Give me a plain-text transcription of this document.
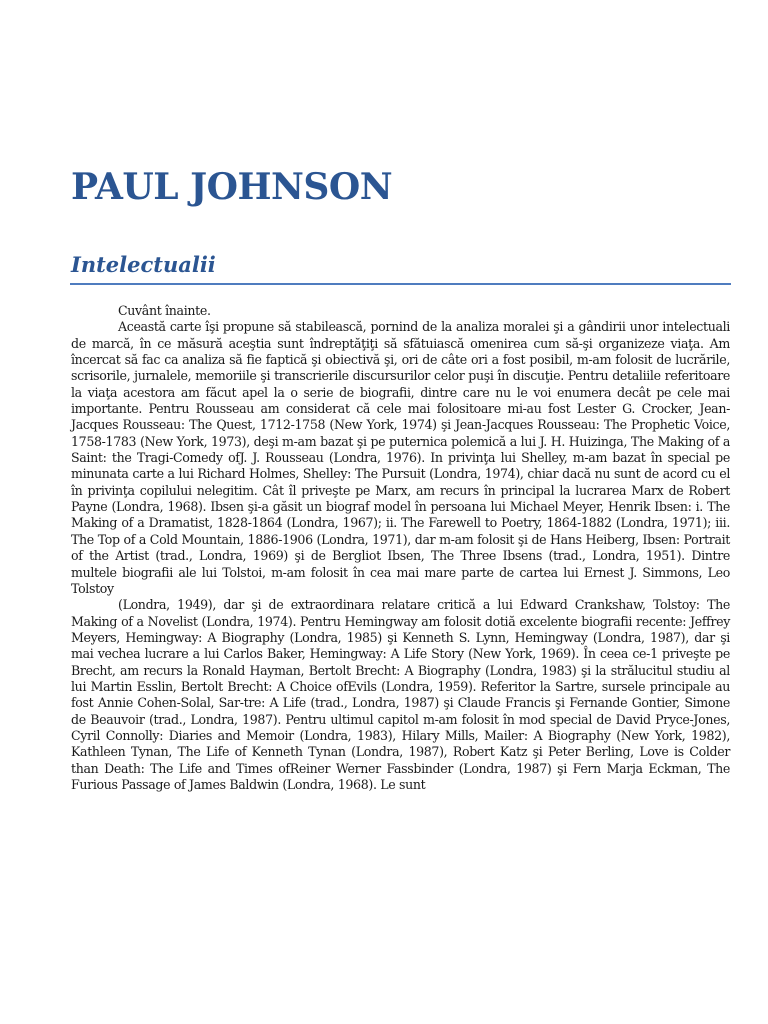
PAUL JOHNSON
Intelectualii

Cuvânt înainte.

Această carte îşi propune să stabilească, pornind de la analiza moralei şi a gândirii unor intelectuali de marcă, în ce măsură aceştia sunt îndreptăţiţi să sfătuiască omenirea cum să-şi organizeze viaţa. Am încercat să fac ca analiza să fie faptică şi obiectivă şi, ori de câte ori a fost posibil, m-am folosit de lucrările, scrisorile, jurnalele, memoriile şi transcrierile discursurilor celor puşi în discuţie. Pentru detaliile referitoare la viaţa acestora am făcut apel la o serie de biografii, dintre care nu le voi enumera decât pe cele mai importante. Pentru Rousseau am considerat că cele mai folositoare mi-au fost Lester G. Crocker, Jean-Jacques Rousseau: The Quest, 1712-1758 (New York, 1974) şi Jean-Jacques Rousseau: The Prophetic Voice, 1758-1783 (New York, 1973), deşi m-am bazat şi pe puternica polemică a lui J. H. Huizinga, The Making of a Saint: the Tragi-Comedy ofJ. J. Rousseau (Londra, 1976). In privinţa lui Shelley, m-am bazat în special pe minunata carte a lui Richard Holmes, Shelley: The Pursuit (Londra, 1974), chiar dacă nu sunt de acord cu el în privinţa copilului nelegitim. Cât îl priveşte pe Marx, am recurs în principal la lucrarea Marx de Robert Payne (Londra, 1968). Ibsen şi-a găsit un biograf model în persoana lui Michael Meyer, Henrik Ibsen: i. The Making of a Dramatist, 1828-1864 (Londra, 1967); ii. The Farewell to Poetry, 1864-1882 (Londra, 1971); iii. The Top of a Cold Mountain, 1886-1906 (Londra, 1971), dar m-am folosit şi de Hans Heiberg, Ibsen: Portrait of the Artist (trad., Londra, 1969) şi de Bergliot Ibsen, The Three Ibsens (trad., Londra, 1951). Dintre multele biografii ale lui Tolstoi, m-am folosit în cea mai mare parte de cartea lui Ernest J. Simmons, Leo Tolstoy

(Londra, 1949), dar şi de extraordinara relatare critică a lui Edward Crankshaw, Tolstoy: The Making of a Novelist (Londra, 1974). Pentru Hemingway am folosit dotiă excelente biografii recente: Jeffrey Meyers, Hemingway: A Biography (Londra, 1985) şi Kenneth S. Lynn, Hemingway (Londra, 1987), dar şi mai vechea lucrare a lui Carlos Baker, Hemingway: A Life Story (New York, 1969). În ceea ce-1 priveşte pe Brecht, am recurs la Ronald Hayman, Bertolt Brecht: A Biography (Londra, 1983) şi la strălucitul studiu al lui Martin Esslin, Bertolt Brecht: A Choice ofEvils (Londra, 1959). Referitor la Sartre, sursele principale au fost Annie Cohen-Solal, Sar-tre: A Life (trad., Londra, 1987) şi Claude Francis şi Fernande Gontier, Simone de Beauvoir (trad., Londra, 1987). Pentru ultimul capitol m-am folosit în mod special de David Pryce-Jones, Cyril Connolly: Diaries and Memoir (Londra, 1983), Hilary Mills, Mailer: A Biography (New York, 1982), Kathleen Tynan, The Life of Kenneth Tynan (Londra, 1987), Robert Katz şi Peter Berling, Love is Colder than Death: The Life and Times ofReiner Werner Fassbinder (Londra, 1987) şi Fern Marja Eckman, The Furious Passage of James Baldwin (Londra, 1968). Le sunt
